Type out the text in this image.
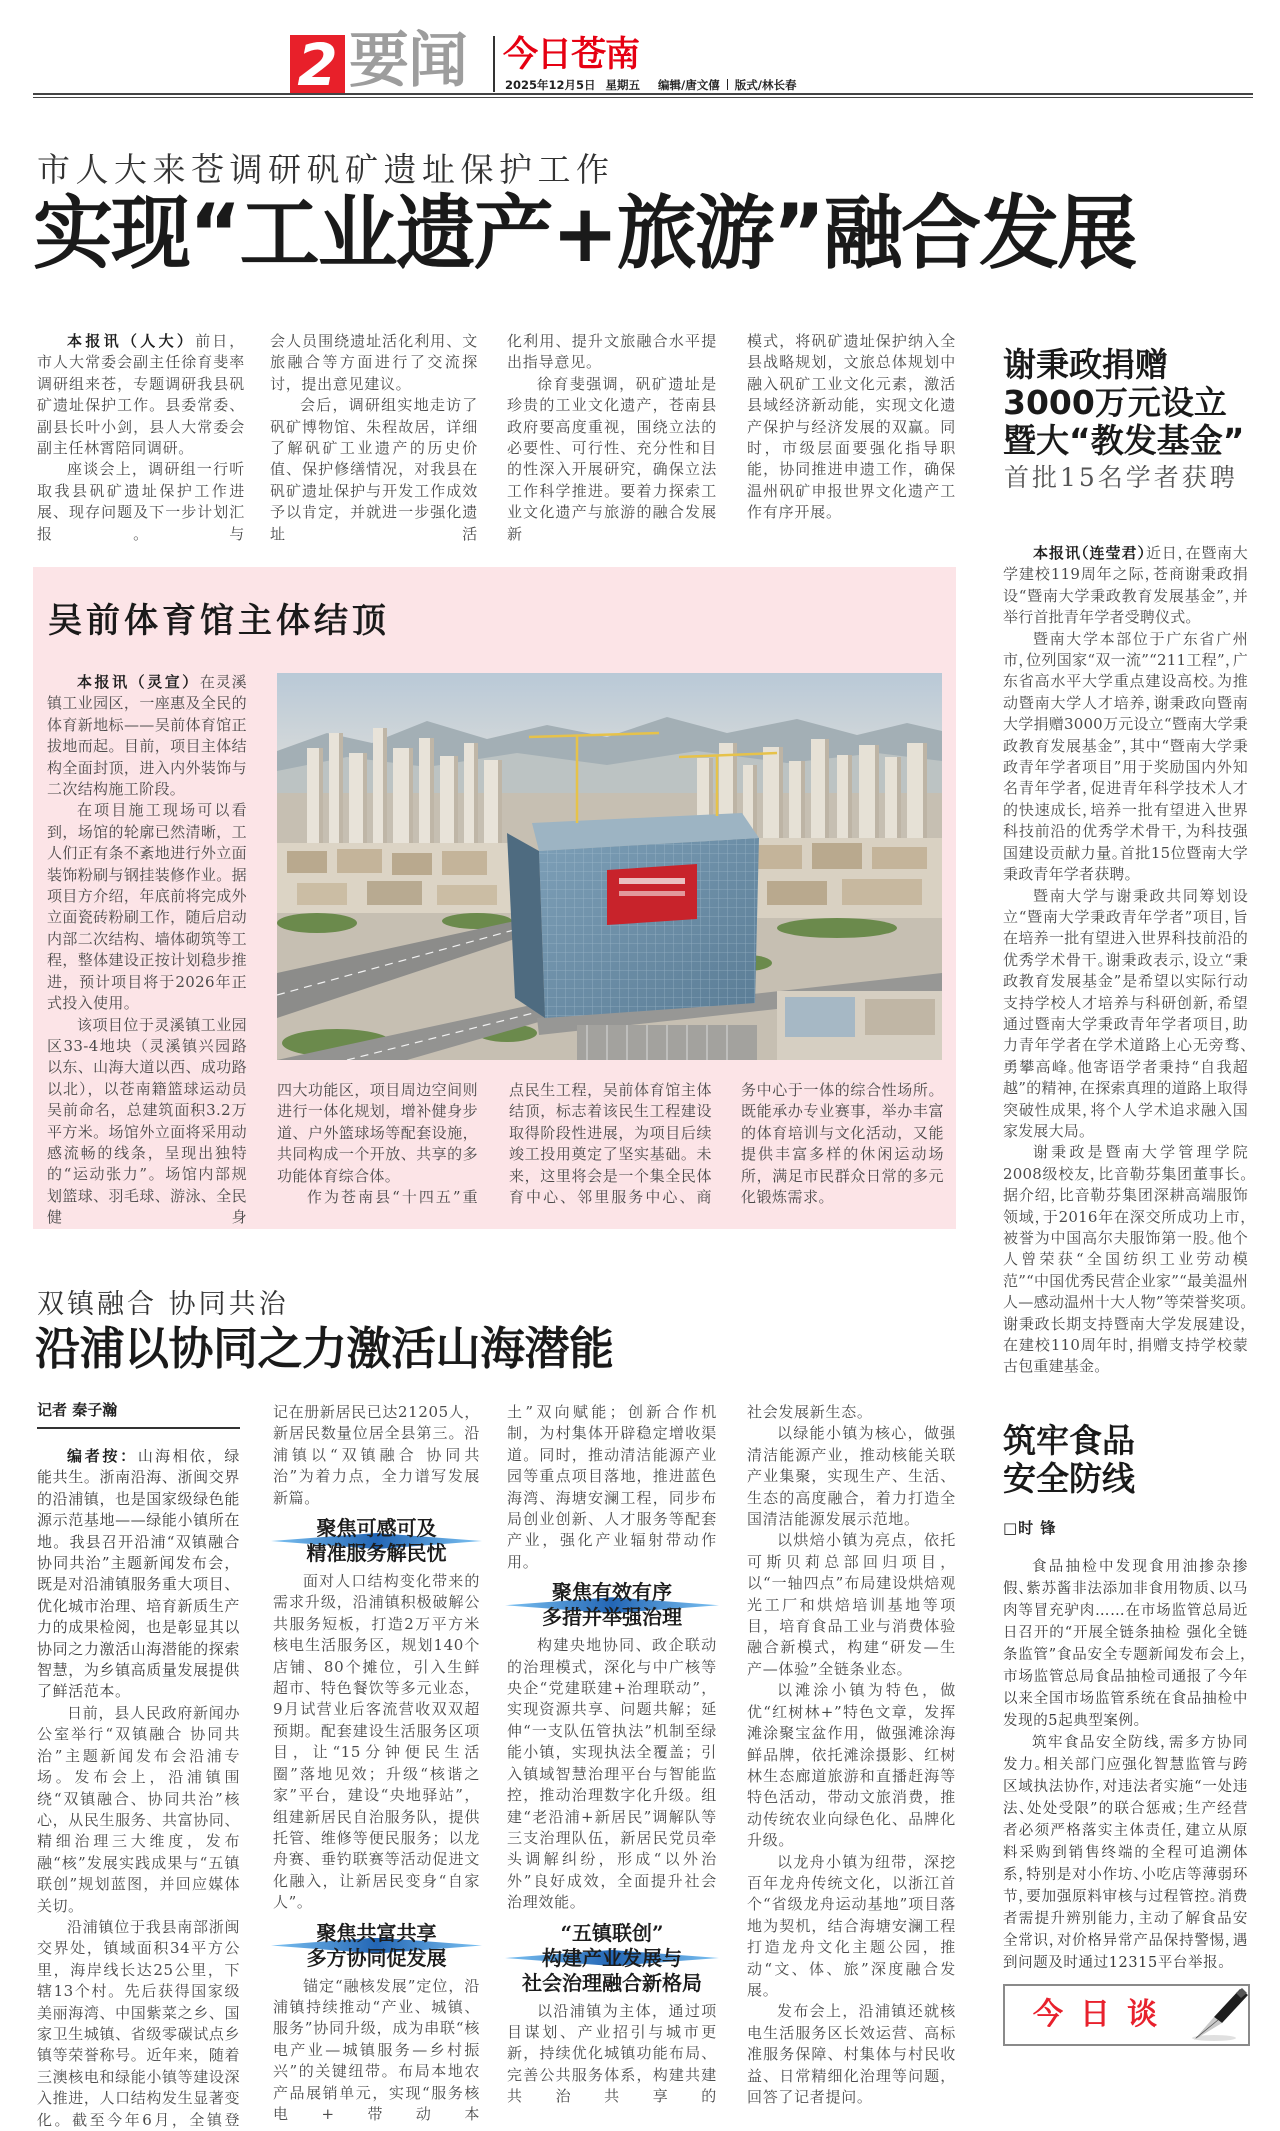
2 要闻 今日苍南
2025年12月5日 星期五 编辑/唐文僖 版式/林长春
市人大来苍调研矾矿遗址保护工作
实现“工业遗产+旅游”融合发展

本报讯（人大）前日，市人大常委会副主任徐育斐率调研组来苍，专题调研我县矾矿遗址保护工作。县委常委、副县长叶小剑，县人大常委会副主任林霄陪同调研。

座谈会上，调研组一行听取我县矾矿遗址保护工作进展、现存问题及下一步计划汇报。与

会人员围绕遗址活化利用、文旅融合等方面进行了交流探讨，提出意见建议。

会后，调研组实地走访了矾矿博物馆、朱程故居，详细了解矾矿工业遗产的历史价值、保护修缮情况，对我县在矾矿遗址保护与开发工作成效予以肯定，并就进一步强化遗址活

化利用、提升文旅融合水平提出指导意见。

徐育斐强调，矾矿遗址是珍贵的工业文化遗产，苍南县政府要高度重视，围绕立法的必要性、可行性、充分性和目的性深入开展研究，确保立法工作科学推进。要着力探索工业文化遗产与旅游的融合发展新

模式，将矾矿遗址保护纳入全县战略规划，文旅总体规划中融入矾矿工业文化元素，激活县域经济新动能，实现文化遗产保护与经济发展的双赢。同时，市级层面要强化指导职能，协同推进申遗工作，确保温州矾矿申报世界文化遗产工作有序开展。

谢秉政捐赠
3000万元设立
暨大“教发基金”
首批15名学者获聘

本报讯（连莹君）近日，在暨南大学建校119周年之际，苍商谢秉政捐设“暨南大学秉政教育发展基金”，并举行首批青年学者受聘仪式。

暨南大学本部位于广东省广州市，位列国家“双一流”“211工程”，广东省高水平大学重点建设高校。为推动暨南大学人才培养，谢秉政向暨南大学捐赠3000万元设立“暨南大学秉政教育发展基金”，其中“暨南大学秉政青年学者项目”用于奖励国内外知名青年学者，促进青年科学技术人才的快速成长，培养一批有望进入世界科技前沿的优秀学术骨干，为科技强国建设贡献力量。首批15位暨南大学秉政青年学者获聘。

暨南大学与谢秉政共同筹划设立“暨南大学秉政青年学者”项目，旨在培养一批有望进入世界科技前沿的优秀学术骨干。谢秉政表示，设立“秉政教育发展基金”是希望以实际行动支持学校人才培养与科研创新，希望通过暨南大学秉政青年学者项目，助力青年学者在学术道路上心无旁骛、勇攀高峰。他寄语学者秉持“自我超越”的精神，在探索真理的道路上取得突破性成果，将个人学术追求融入国家发展大局。

谢秉政是暨南大学管理学院2008级校友，比音勒芬集团董事长。据介绍，比音勒芬集团深耕高端服饰领域，于2016年在深交所成功上市，被誉为中国高尔夫服饰第一股。他个人曾荣获“全国纺织工业劳动模范”“中国优秀民营企业家”“最美温州人—感动温州十大人物”等荣誉奖项。谢秉政长期支持暨南大学发展建设，在建校110周年时，捐赠支持学校蒙古包重建基金。

筑牢食品
安全防线
□时 锋

食品抽检中发现食用油掺杂掺假、紫苏酱非法添加非食用物质、以马肉等冒充驴肉……在市场监管总局近日召开的“开展全链条抽检 强化全链条监管”食品安全专题新闻发布会上，市场监管总局食品抽检司通报了今年以来全国市场监管系统在食品抽检中发现的5起典型案例。

筑牢食品安全防线，需多方协同发力。相关部门应强化智慧监管与跨区域执法协作，对违法者实施“一处违法、处处受限”的联合惩戒；生产经营者必须严格落实主体责任，建立从原料采购到销售终端的全程可追溯体系，特别是对小作坊、小吃店等薄弱环节，要加强原料审核与过程管控。消费者需提升辨别能力，主动了解食品安全常识，对价格异常产品保持警惕，遇到问题及时通过12315平台举报。

今日谈
吴前体育馆主体结顶

本报讯（灵宣）在灵溪镇工业园区，一座惠及全民的体育新地标——吴前体育馆正拔地而起。目前，项目主体结构全面封顶，进入内外装饰与二次结构施工阶段。

在项目施工现场可以看到，场馆的轮廓已然清晰，工人们正有条不紊地进行外立面装饰粉刷与钢挂装修作业。据项目方介绍，年底前将完成外立面瓷砖粉刷工作，随后启动内部二次结构、墙体砌筑等工程，整体建设正按计划稳步推进，预计项目将于2026年正式投入使用。

该项目位于灵溪镇工业园区33-4地块（灵溪镇兴园路以东、山海大道以西、成功路以北），以苍南籍篮球运动员吴前命名，总建筑面积3.2万平方米。场馆外立面将采用动感流畅的线条，呈现出独特的“运动张力”。场馆内部规划篮球、羽毛球、游泳、全民健身

四大功能区，项目周边空间则进行一体化规划，增补健身步道、户外篮球场等配套设施，共同构成一个开放、共享的多功能体育综合体。

作为苍南县“十四五”重

点民生工程，吴前体育馆主体结顶，标志着该民生工程建设取得阶段性进展，为项目后续竣工投用奠定了坚实基础。未来，这里将会是一个集全民体育中心、邻里服务中心、商

务中心于一体的综合性场所。既能承办专业赛事，举办丰富的体育培训与文化活动，又能提供丰富多样的休闲运动场所，满足市民群众日常的多元化锻炼需求。

双镇融合 协同共治
沿浦以协同之力激活山海潜能
记者 秦子瀚

编者按：山海相依，绿能共生。浙南沿海、浙闽交界的沿浦镇，也是国家级绿色能源示范基地——绿能小镇所在地。我县召开沿浦“双镇融合 协同共治”主题新闻发布会，既是对沿浦镇服务重大项目、优化城市治理、培育新质生产力的成果检阅，也是彰显其以协同之力激活山海潜能的探索智慧，为乡镇高质量发展提供了鲜活范本。

日前，县人民政府新闻办公室举行“双镇融合 协同共治”主题新闻发布会沿浦专场。发布会上，沿浦镇围绕“双镇融合、协同共治”核心，从民生服务、共富协同、精细治理三大维度，发布融“核”发展实践成果与“五镇联创”规划蓝图，并回应媒体关切。

沿浦镇位于我县南部浙闽交界处，镇域面积34平方公里，海岸线长达25公里，下辖13个村。先后获得国家级美丽海湾、中国紫菜之乡、国家卫生城镇、省级零碳试点乡镇等荣誉称号。近年来，随着三澳核电和绿能小镇等建设深入推进，人口结构发生显著变化。截至今年6月，全镇登

记在册新居民已达21205人，新居民数量位居全县第三。沿浦镇以“双镇融合 协同共治”为着力点，全力谱写发展新篇。

聚焦可感可及
精准服务解民忧

面对人口结构变化带来的需求升级，沿浦镇积极破解公共服务短板，打造2万平方米核电生活服务区，规划140个店铺、80个摊位，引入生鲜超市、特色餐饮等多元业态，9月试营业后客流营收双双超预期。配套建设生活服务区项目，让“15分钟便民生活圈”落地见效；升级“核谐之家”平台，建设“央地驿站”，组建新居民自治服务队，提供托管、维修等便民服务；以龙舟赛、垂钓联赛等活动促进文化融入，让新居民变身“自家人”。

聚焦共富共享
多方协同促发展

锚定“融核发展”定位，沿浦镇持续推动“产业、城镇、服务”协同升级，成为串联“核电产业—城镇服务—乡村振兴”的关键纽带。布局本地农产品展销单元，实现“服务核电+带动本

土”双向赋能；创新合作机制，为村集体开辟稳定增收渠道。同时，推动清洁能源产业园等重点项目落地，推进蓝色海湾、海塘安澜工程，同步布局创业创新、人才服务等配套产业，强化产业辐射带动作用。

聚焦有效有序
多措并举强治理

构建央地协同、政企联动的治理模式，深化与中广核等央企“党建联建+治理联动”，实现资源共享、问题共解；延伸“一支队伍管执法”机制至绿能小镇，实现执法全覆盖；引入镇域智慧治理平台与智能监控，推动治理数字化升级。组建“老沿浦+新居民”调解队等三支治理队伍，新居民党员牵头调解纠纷，形成“以外治外”良好成效，全面提升社会治理效能。

“五镇联创”
构建产业发展与
社会治理融合新格局

以沿浦镇为主体，通过项目谋划、产业招引与城市更新，持续优化城镇功能布局、完善公共服务体系，构建共建共治共享的

社会发展新生态。

以绿能小镇为核心，做强清洁能源产业，推动核能关联产业集聚，实现生产、生活、生态的高度融合，着力打造全国清洁能源发展示范地。

以烘焙小镇为亮点，依托可斯贝莉总部回归项目，以“一轴四点”布局建设烘焙观光工厂和烘焙培训基地等项目，培育食品工业与消费体验融合新模式，构建“研发—生产—体验”全链条业态。

以滩涂小镇为特色，做优“红树林+”特色文章，发挥滩涂聚宝盆作用，做强滩涂海鲜品牌，依托滩涂摄影、红树林生态廊道旅游和直播赶海等特色活动，带动文旅消费，推动传统农业向绿色化、品牌化升级。

以龙舟小镇为纽带，深挖百年龙舟传统文化，以浙江首个“省级龙舟运动基地”项目落地为契机，结合海塘安澜工程打造龙舟文化主题公园，推动“文、体、旅”深度融合发展。

发布会上，沿浦镇还就核电生活服务区长效运营、高标准服务保障、村集体与村民收益、日常精细化治理等问题，回答了记者提问。
